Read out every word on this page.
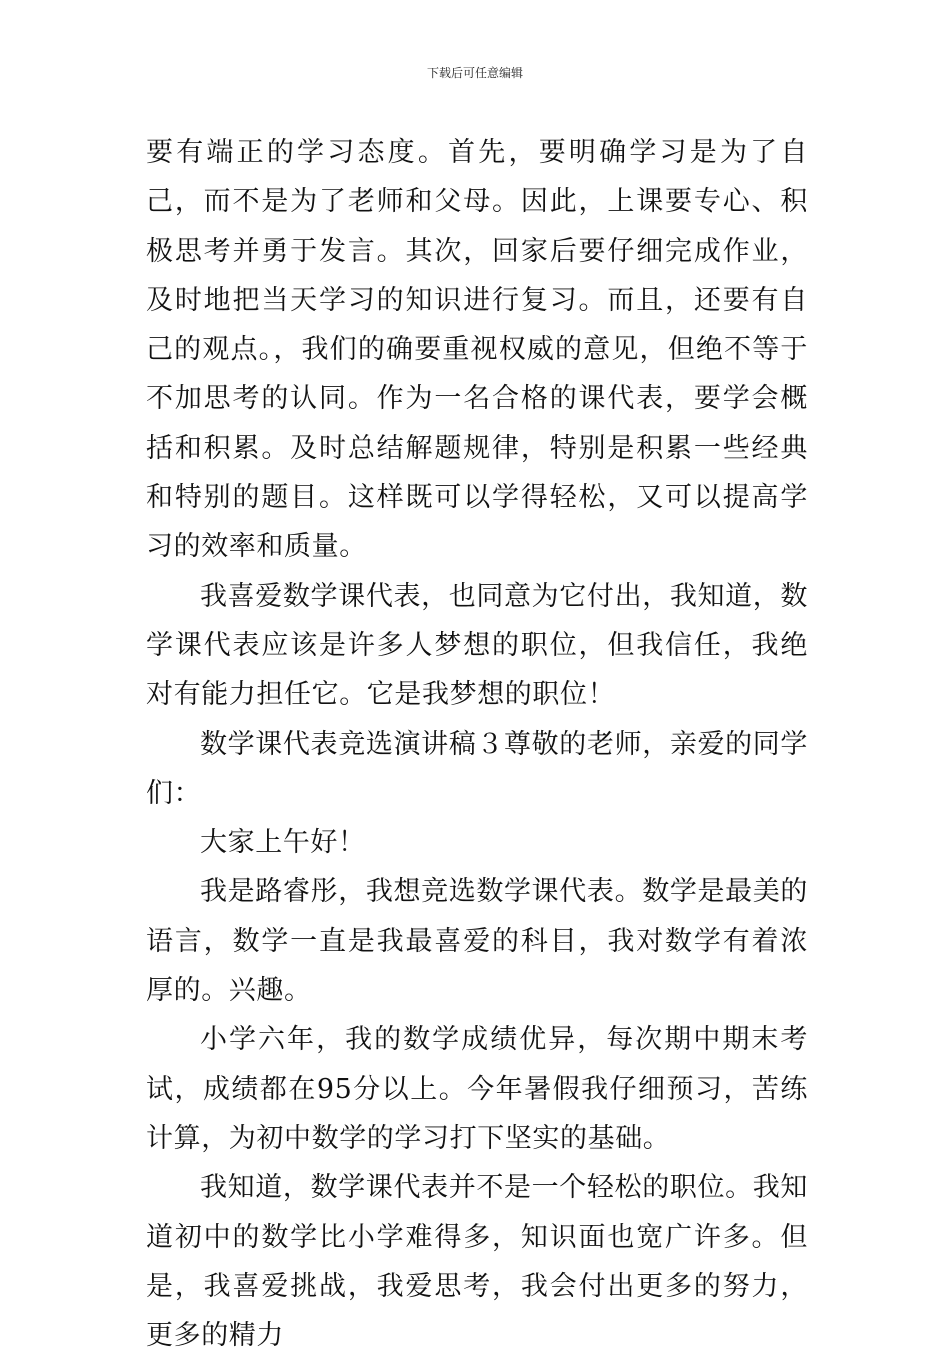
下载后可任意编辑

要有端正的学习态度。首先，要明确学习是为了自己，而不是为了老师和父母。因此，上课要专心、积极思考并勇于发言。其次，回家后要仔细完成作业，及时地把当天学习的知识进行复习。而且，还要有自己的观点。，我们的确要重视权威的意见，但绝不等于不加思考的认同。作为一名合格的课代表，要学会概括和积累。及时总结解题规律，特别是积累一些经典和特别的题目。这样既可以学得轻松，又可以提高学习的效率和质量。

我喜爱数学课代表，也同意为它付出，我知道，数学课代表应该是许多人梦想的职位，但我信任，我绝对有能力担任它。它是我梦想的职位！

数学课代表竞选演讲稿３尊敬的老师，亲爱的同学们：

大家上午好！

我是路睿彤，我想竞选数学课代表。数学是最美的语言，数学一直是我最喜爱的科目，我对数学有着浓厚的。兴趣。

小学六年，我的数学成绩优异，每次期中期末考试，成绩都在95分以上。今年暑假我仔细预习，苦练计算，为初中数学的学习打下坚实的基础。

我知道，数学课代表并不是一个轻松的职位。我知道初中的数学比小学难得多，知识面也宽广许多。但是，我喜爱挑战，我爱思考，我会付出更多的努力，更多的精力
